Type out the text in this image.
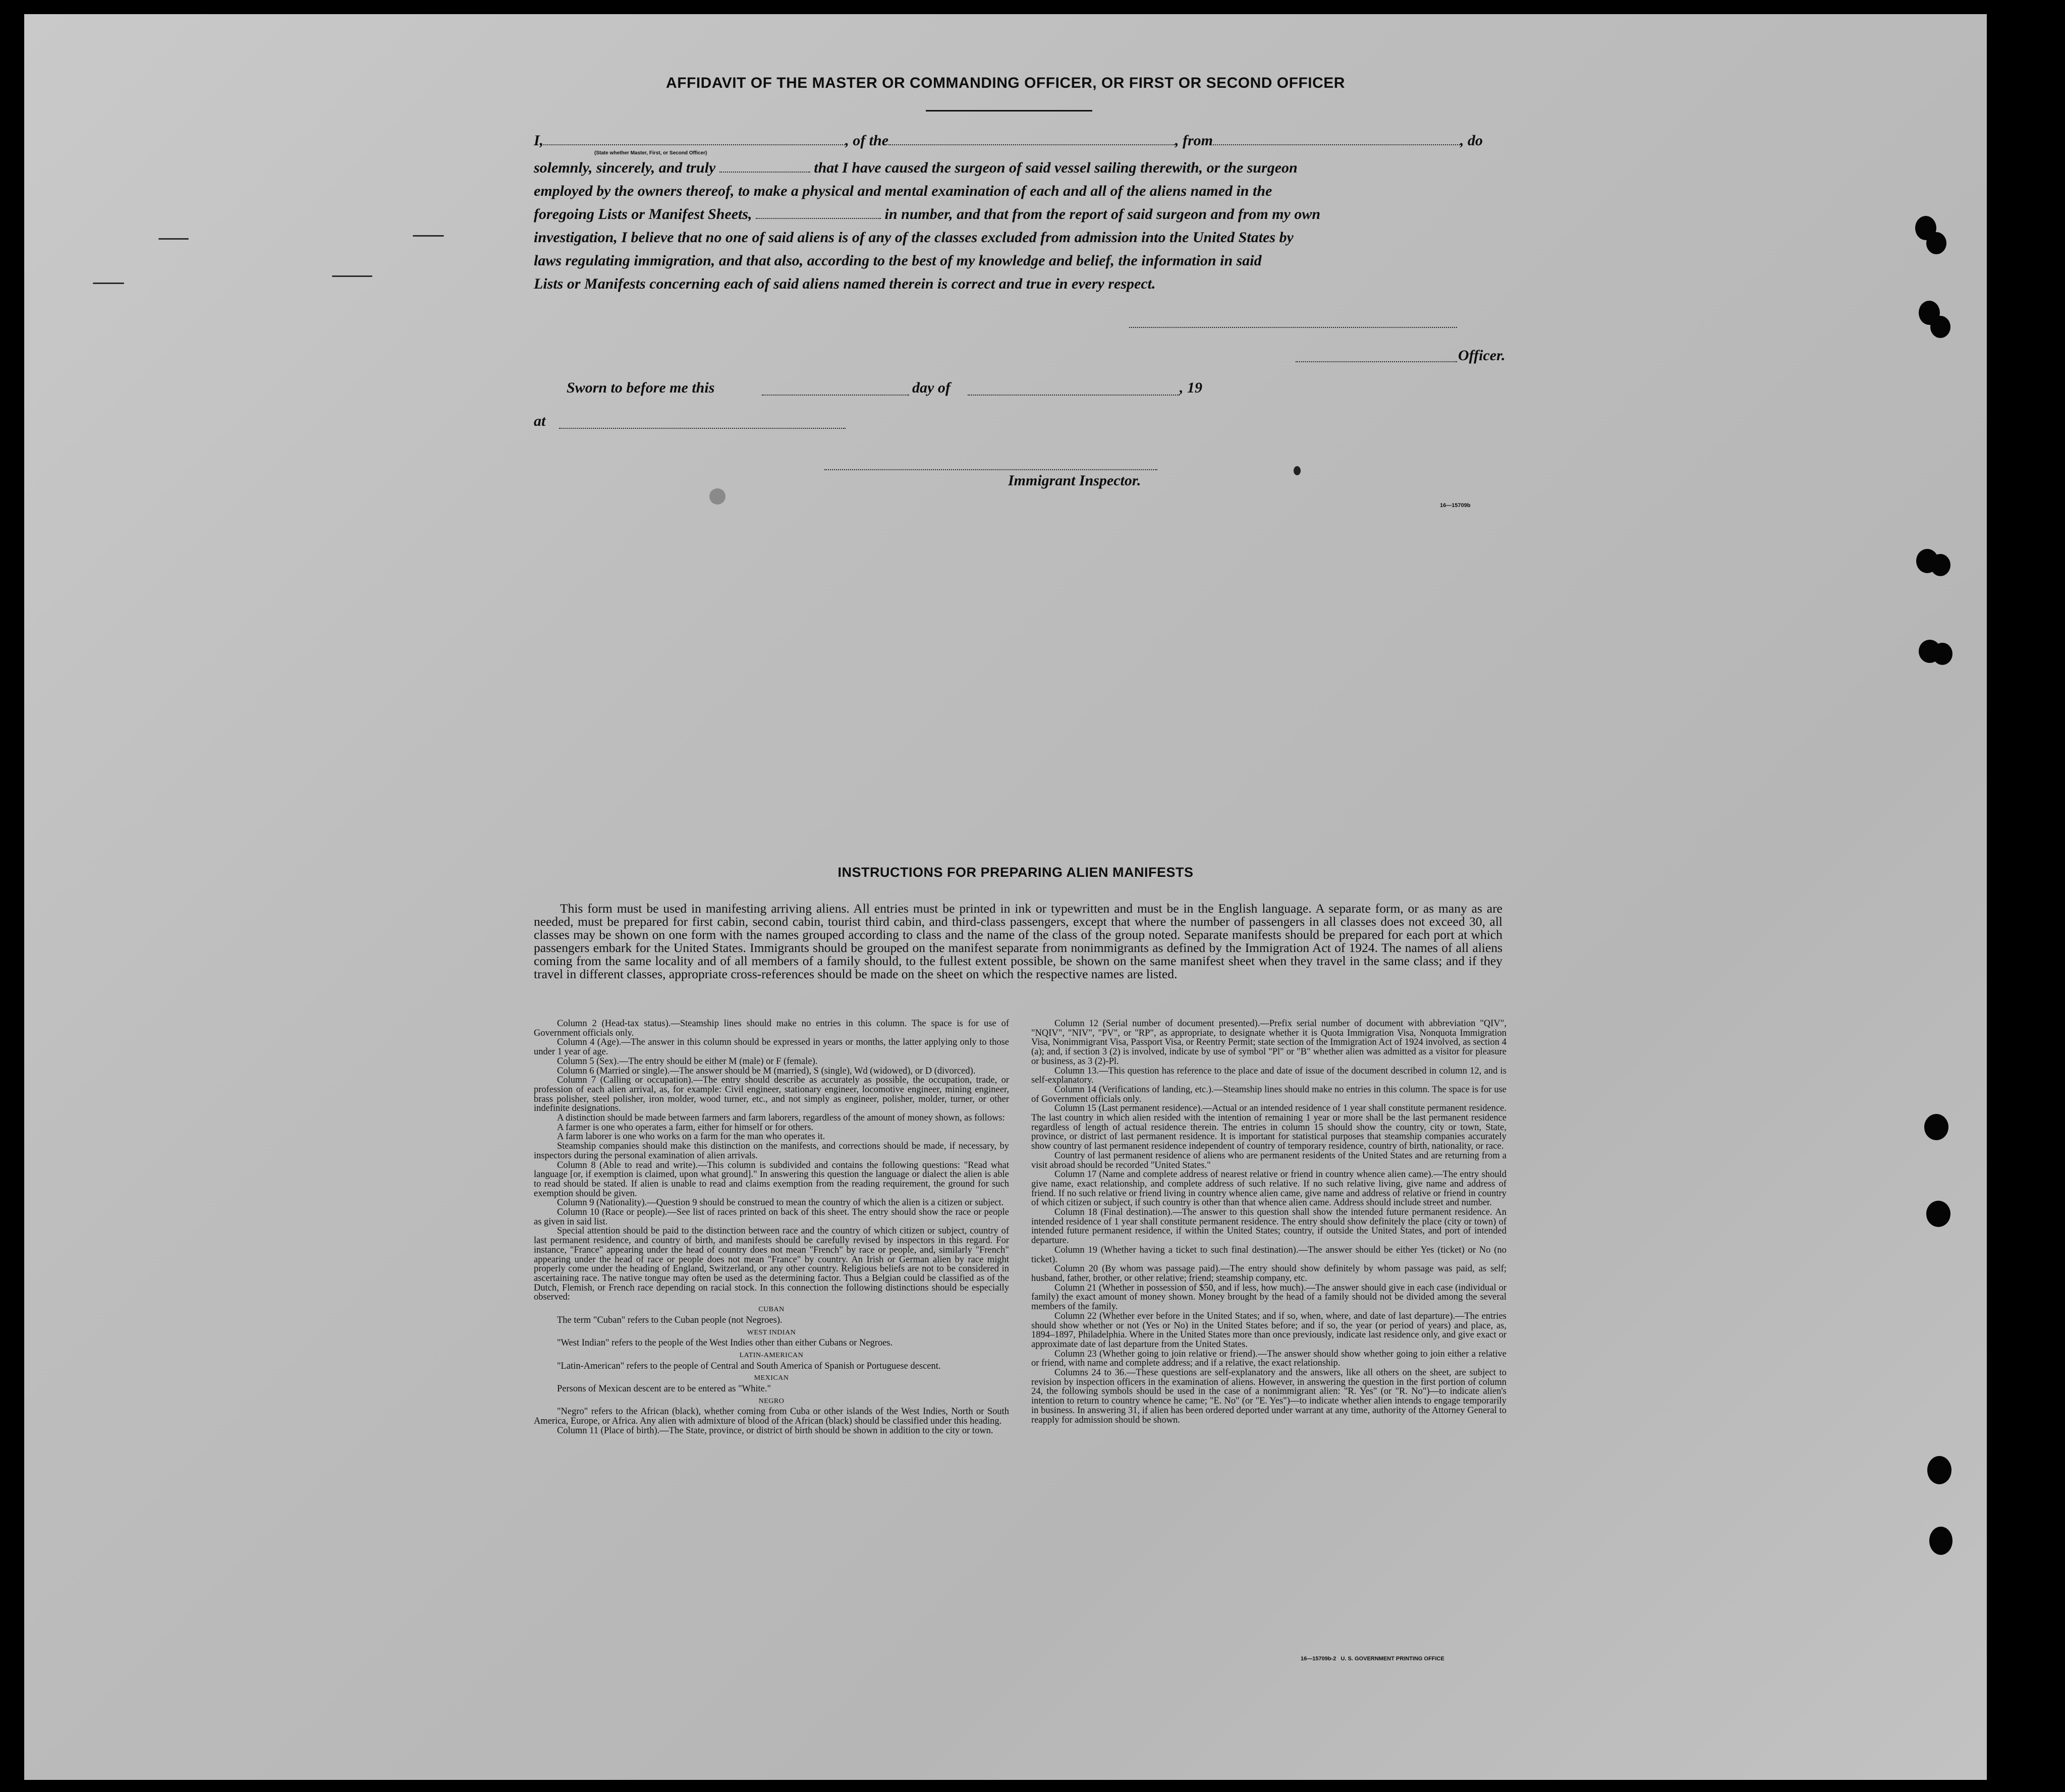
AFFIDAVIT OF THE MASTER OR COMMANDING OFFICER, OR FIRST OR SECOND OFFICER
I,	, of the	, from	, do
(State whether Master, First, or Second Officer)
solemnly, sincerely, and truly	that I have caused the surgeon of said vessel sailing therewith, or the surgeon
employed by the owners thereof, to make a physical and mental examination of each and all of the aliens named in the
foregoing Lists or Manifest Sheets,	in number, and that from the report of said surgeon and from my own
investigation, I believe that no one of said aliens is of any of the classes excluded from admission into the United States by
laws regulating immigration, and that also, according to the best of my knowledge and belief, the information in said
Lists or Manifests concerning each of said aliens named therein is correct and true in every respect.
Officer.
Sworn to before me this	day of	, 19
at
Immigrant Inspector.
16—15709b
INSTRUCTIONS FOR PREPARING ALIEN MANIFESTS
This form must be used in manifesting arriving aliens. All entries must be printed in ink or typewritten and must be in the English language. A separate form, or as many as are needed, must be prepared for first cabin, second cabin, tourist third cabin, and third-class passengers, except that where the number of passengers in all classes does not exceed 30, all classes may be shown on one form with the names grouped according to class and the name of the class of the group noted. Separate manifests should be prepared for each port at which passengers embark for the United States. Immigrants should be grouped on the manifest separate from nonimmigrants as defined by the Immigration Act of 1924. The names of all aliens coming from the same locality and of all members of a family should, to the fullest extent possible, be shown on the same manifest sheet when they travel in the same class; and if they travel in different classes, appropriate cross-references should be made on the sheet on which the respective names are listed.

Column 2 (Head-tax status).—Steamship lines should make no entries in this column. The space is for use of Government officials only.

Column 4 (Age).—The answer in this column should be expressed in years or months, the latter applying only to those under 1 year of age.

Column 5 (Sex).—The entry should be either M (male) or F (female).

Column 6 (Married or single).—The answer should be M (married), S (single), Wd (widowed), or D (divorced).

Column 7 (Calling or occupation).—The entry should describe as accurately as possible, the occupation, trade, or profession of each alien arrival, as, for example: Civil engineer, stationary engineer, locomotive engineer, mining engineer, brass polisher, steel polisher, iron molder, wood turner, etc., and not simply as engineer, polisher, molder, turner, or other indefinite designations.

A distinction should be made between farmers and farm laborers, regardless of the amount of money shown, as follows:

A farmer is one who operates a farm, either for himself or for others.

A farm laborer is one who works on a farm for the man who operates it.

Steamship companies should make this distinction on the manifests, and corrections should be made, if necessary, by inspectors during the personal examination of alien arrivals.

Column 8 (Able to read and write).—This column is subdivided and contains the following questions: "Read what language [or, if exemption is claimed, upon what ground]." In answering this question the language or dialect the alien is able to read should be stated. If alien is unable to read and claims exemption from the reading requirement, the ground for such exemption should be given.

Column 9 (Nationality).—Question 9 should be construed to mean the country of which the alien is a citizen or subject.

Column 10 (Race or people).—See list of races printed on back of this sheet. The entry should show the race or people as given in said list.

Special attention should be paid to the distinction between race and the country of which citizen or subject, country of last permanent residence, and country of birth, and manifests should be carefully revised by inspectors in this regard. For instance, "France" appearing under the head of country does not mean "French" by race or people, and, similarly "French" appearing under the head of race or people does not mean "France" by country. An Irish or German alien by race might properly come under the heading of England, Switzerland, or any other country. Religious beliefs are not to be considered in ascertaining race. The native tongue may often be used as the determining factor. Thus a Belgian could be classified as of the Dutch, Flemish, or French race depending on racial stock. In this connection the following distinctions should be especially observed:

CUBAN

The term "Cuban" refers to the Cuban people (not Negroes).

WEST INDIAN

"West Indian" refers to the people of the West Indies other than either Cubans or Negroes.

LATIN-AMERICAN

"Latin-American" refers to the people of Central and South America of Spanish or Portuguese descent.

MEXICAN

Persons of Mexican descent are to be entered as "White."

NEGRO

"Negro" refers to the African (black), whether coming from Cuba or other islands of the West Indies, North or South America, Europe, or Africa. Any alien with admixture of blood of the African (black) should be classified under this heading.

Column 11 (Place of birth).—The State, province, or district of birth should be shown in addition to the city or town.

Column 12 (Serial number of document presented).—Prefix serial number of document with abbreviation "QIV", "NQIV", "NIV", "PV", or "RP", as appropriate, to designate whether it is Quota Immigration Visa, Nonquota Immigration Visa, Nonimmigrant Visa, Passport Visa, or Reentry Permit; state section of the Immigration Act of 1924 involved, as section 4 (a); and, if section 3 (2) is involved, indicate by use of symbol "Pl" or "B" whether alien was admitted as a visitor for pleasure or business, as 3 (2)-Pl.

Column 13.—This question has reference to the place and date of issue of the document described in column 12, and is self-explanatory.

Column 14 (Verifications of landing, etc.).—Steamship lines should make no entries in this column. The space is for use of Government officials only.

Column 15 (Last permanent residence).—Actual or an intended residence of 1 year shall constitute permanent residence. The last country in which alien resided with the intention of remaining 1 year or more shall be the last permanent residence regardless of length of actual residence therein. The entries in column 15 should show the country, city or town, State, province, or district of last permanent residence. It is important for statistical purposes that steamship companies accurately show country of last permanent residence independent of country of temporary residence, country of birth, nationality, or race.

Country of last permanent residence of aliens who are permanent residents of the United States and are returning from a visit abroad should be recorded "United States."

Column 17 (Name and complete address of nearest relative or friend in country whence alien came).—The entry should give name, exact relationship, and complete address of such relative. If no such relative living, give name and address of friend. If no such relative or friend living in country whence alien came, give name and address of relative or friend in country of which citizen or subject, if such country is other than that whence alien came. Address should include street and number.

Column 18 (Final destination).—The answer to this question shall show the intended future permanent residence. An intended residence of 1 year shall constitute permanent residence. The entry should show definitely the place (city or town) of intended future permanent residence, if within the United States; country, if outside the United States, and port of intended departure.

Column 19 (Whether having a ticket to such final destination).—The answer should be either Yes (ticket) or No (no ticket).

Column 20 (By whom was passage paid).—The entry should show definitely by whom passage was paid, as self; husband, father, brother, or other relative; friend; steamship company, etc.

Column 21 (Whether in possession of $50, and if less, how much).—The answer should give in each case (individual or family) the exact amount of money shown. Money brought by the head of a family should not be divided among the several members of the family.

Column 22 (Whether ever before in the United States; and if so, when, where, and date of last departure).—The entries should show whether or not (Yes or No) in the United States before; and if so, the year (or period of years) and place, as, 1894–1897, Philadelphia. Where in the United States more than once previously, indicate last residence only, and give exact or approximate date of last departure from the United States.

Column 23 (Whether going to join relative or friend).—The answer should show whether going to join either a relative or friend, with name and complete address; and if a relative, the exact relationship.

Columns 24 to 36.—These questions are self-explanatory and the answers, like all others on the sheet, are subject to revision by inspection officers in the examination of aliens. However, in answering the question in the first portion of column 24, the following symbols should be used in the case of a nonimmigrant alien: "R. Yes" (or "R. No")—to indicate alien's intention to return to country whence he came; "E. No" (or "E. Yes")—to indicate whether alien intends to engage temporarily in business. In answering 31, if alien has been ordered deported under warrant at any time, authority of the Attorney General to reapply for admission should be shown.

16—15709b-2 U. S. GOVERNMENT PRINTING OFFICE
